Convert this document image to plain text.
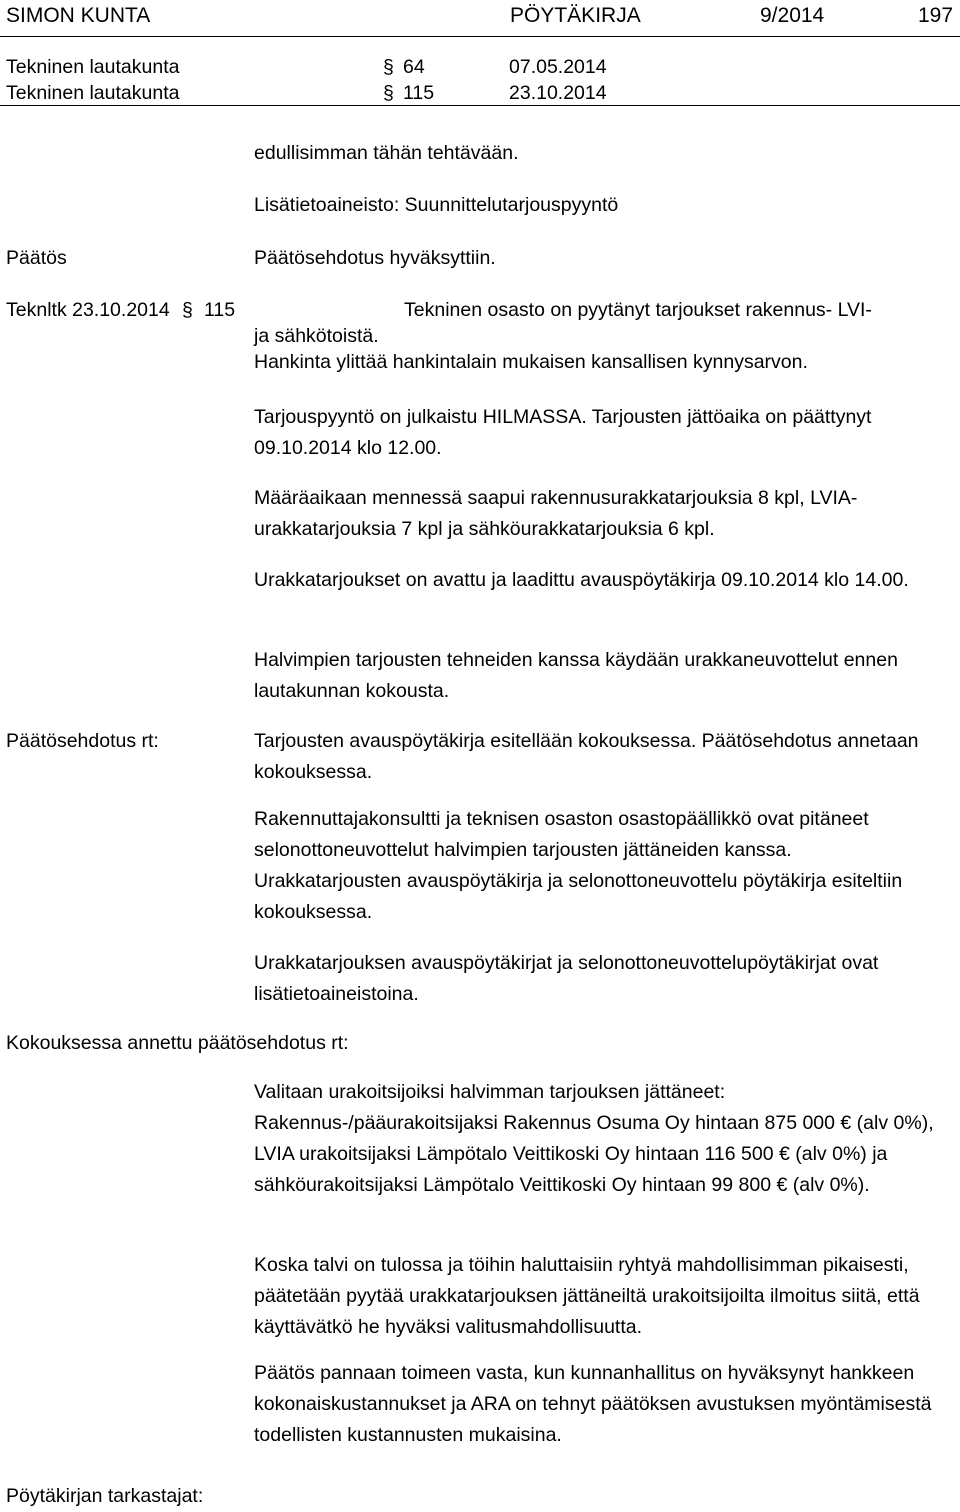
SIMON KUNTA	PÖYTÄKIRJA	9/2014	197
Tekninen lautakunta	§ 64	07.05.2014
Tekninen lautakunta	§ 115	23.10.2014
edullisimman tähän tehtävään.
Lisätietoaineisto: Suunnittelutarjouspyyntö
Päätös	Päätösehdotus hyväksyttiin.
Teknltk 23.10.2014 § 115	Tekninen osasto on pyytänyt tarjoukset rakennus- LVI-
ja sähkötoistä.
Hankinta ylittää hankintalain mukaisen kansallisen kynnysarvon.
Tarjouspyyntö on julkaistu HILMASSA. Tarjousten jättöaika on päättynyt 09.10.2014 klo 12.00.
Määräaikaan mennessä saapui rakennusurakkatarjouksia 8 kpl, LVIA-urakkatarjouksia 7 kpl ja sähköurakkatarjouksia 6 kpl.
Urakkatarjoukset on avattu ja laadittu avauspöytäkirja 09.10.2014 klo 14.00.
Halvimpien tarjousten tehneiden kanssa käydään urakkaneuvottelut ennen lautakunnan kokousta.
Päätösehdotus rt:	Tarjousten avauspöytäkirja esitellään kokouksessa. Päätösehdotus annetaan kokouksessa.
Rakennuttajakonsultti ja teknisen osaston osastopäällikkö ovat pitäneet selonottoneuvottelut halvimpien tarjousten jättäneiden kanssa. Urakkatarjousten avauspöytäkirja ja selonottoneuvottelu pöytäkirja esiteltiin kokouksessa.
Urakkatarjouksen avauspöytäkirjat ja selonottoneuvottelupöytäkirjat ovat lisätietoaineistoina.
Kokouksessa annettu päätösehdotus rt:
Valitaan urakoitsijoiksi halvimman tarjouksen jättäneet: Rakennus-/pääurakoitsijaksi Rakennus Osuma Oy hintaan 875 000 € (alv 0%), LVIA urakoitsijaksi Lämpötalo Veittikoski Oy hintaan 116 500 € (alv 0%) ja sähköurakoitsijaksi Lämpötalo Veittikoski Oy hintaan 99 800 € (alv 0%).
Koska talvi on tulossa ja töihin haluttaisiin ryhtyä mahdollisimman pikaisesti, päätetään pyytää urakkatarjouksen jättäneiltä urakoitsijoilta ilmoitus siitä, että käyttävätkö he hyväksi valitusmahdollisuutta.
Päätös pannaan toimeen vasta, kun kunnanhallitus on hyväksynyt hankkeen kokonaiskustannukset ja ARA on tehnyt päätöksen avustuksen myöntämisestä todellisten kustannusten mukaisina.
Pöytäkirjan tarkastajat:
